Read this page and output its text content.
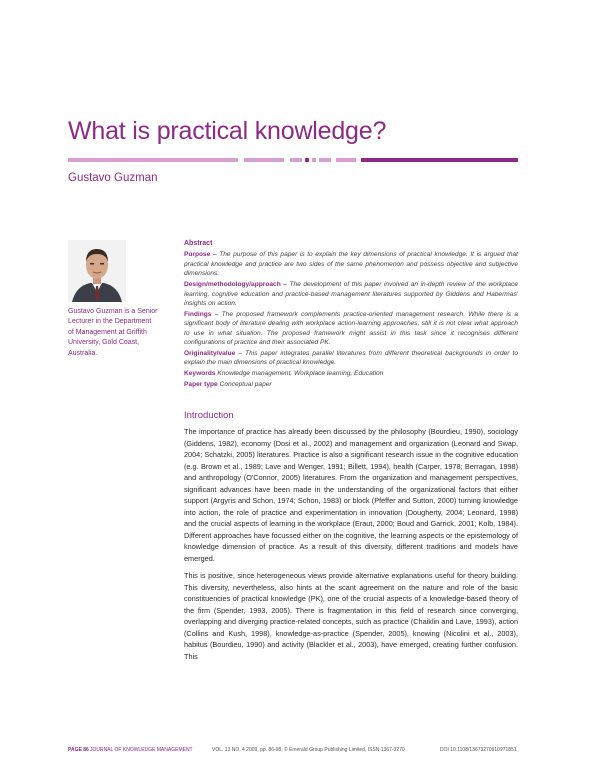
What is practical knowledge?
Gustavo Guzman
Gustavo Guzman is a Senior Lecturer in the Department of Management at Griffith University, Gold Coast, Australia.
Abstract

Purpose – The purpose of this paper is to explain the key dimensions of practical knowledge. It is argued that practical knowledge and practice are two sides of the same phenomenon and possess objective and subjective dimensions.

Design/methodology/approach – The development of this paper involved an in-depth review of the workplace learning, cognitive education and practice-based management literatures supported by Giddens and Habermas' insights on action.

Findings – The proposed framework complements practice-oriented management research. While there is a significant body of literature dealing with workplace action-learning approaches, still it is not clear what approach to use in what situation. The proposed framework might assist in this task since it recognises different configurations of practice and their associated PK.

Originality/value – This paper integrates parallel literatures from different theoretical backgrounds in order to explain the main dimensions of practical knowledge.

Keywords Knowledge management, Workplace learning, Education

Paper type Conceptual paper

Introduction

The importance of practice has already been discussed by the philosophy (Bourdieu, 1990), sociology (Giddens, 1982), economy (Dosi et al., 2002) and management and organization (Leonard and Swap, 2004; Schatzki, 2005) literatures. Practice is also a significant research issue in the cognitive education (e.g. Brown et al., 1989; Lave and Wenger, 1991; Billett, 1994), health (Carper, 1978; Berragan, 1998) and anthropology (O'Connor, 2005) literatures. From the organization and management perspectives, significant advances have been made in the understanding of the organizational factors that either support (Argyris and Schon, 1974; Schon, 1983) or block (Pfeffer and Sutton, 2000) turning knowledge into action, the role of practice and experimentation in innovation (Dougherty, 2004; Leonard, 1998) and the crucial aspects of learning in the workplace (Eraut, 2000; Boud and Garrick, 2001; Kolb, 1984). Different approaches have focussed either on the cognitive, the learning aspects or the epistemology of knowledge dimension of practice. As a result of this diversity, different traditions and models have emerged.

This is positive, since heterogeneous views provide alternative explanations useful for theory building. This diversity, nevertheless, also hints at the scant agreement on the nature and role of the basic constituencies of practical knowledge (PK), one of the crucial aspects of a knowledge-based theory of the firm (Spender, 1993, 2005). There is fragmentation in this field of research since converging, overlapping and diverging practice-related concepts, such as practice (Chaiklin and Lave, 1993), action (Collins and Kush, 1998), knowledge-as-practice (Spender, 2005), knowing (Nicolini et al., 2003), habitus (Bourdieu, 1990) and activity (Blackler et al., 2003), have emerged, creating further confusion. This

PAGE 86 JOURNAL OF KNOWLEDGE MANAGEMENT	VOL. 13 NO. 4 2009, pp. 86-98, © Emerald Group Publishing Limited, ISSN 1367-3270	DOI 10.1108/13673270910971851
